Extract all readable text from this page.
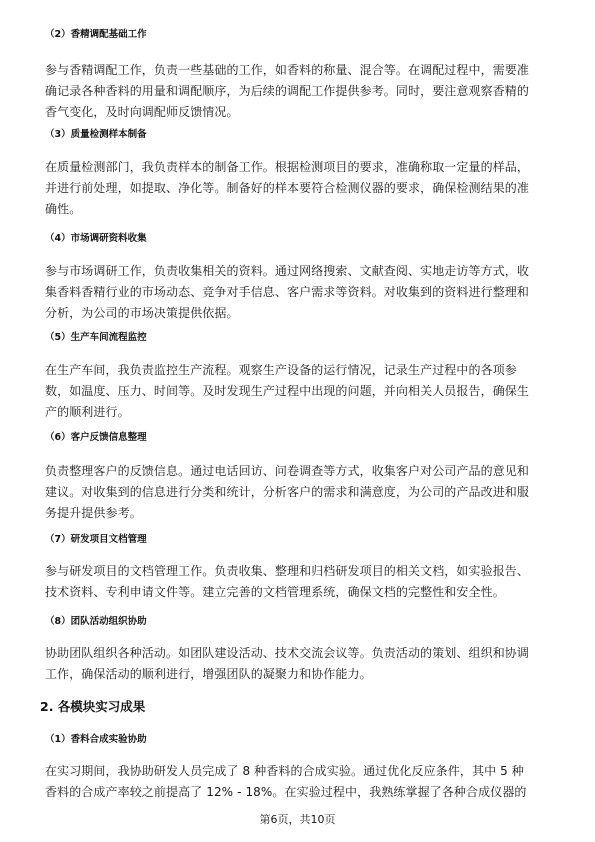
（2）香精调配基础工作
参与香精调配工作，负责一些基础的工作，如香料的称量、混合等。在调配过程中，需要准
确记录各种香料的用量和调配顺序，为后续的调配工作提供参考。同时，要注意观察香精的
香气变化，及时向调配师反馈情况。
（3）质量检测样本制备
在质量检测部门，我负责样本的制备工作。根据检测项目的要求，准确称取一定量的样品，
并进行前处理，如提取、净化等。制备好的样本要符合检测仪器的要求，确保检测结果的准
确性。
（4）市场调研资料收集
参与市场调研工作，负责收集相关的资料。通过网络搜索、文献查阅、实地走访等方式，收
集香料香精行业的市场动态、竞争对手信息、客户需求等资料。对收集到的资料进行整理和
分析，为公司的市场决策提供依据。
（5）生产车间流程监控
在生产车间，我负责监控生产流程。观察生产设备的运行情况，记录生产过程中的各项参
数，如温度、压力、时间等。及时发现生产过程中出现的问题，并向相关人员报告，确保生
产的顺利进行。
（6）客户反馈信息整理
负责整理客户的反馈信息。通过电话回访、问卷调查等方式，收集客户对公司产品的意见和
建议。对收集到的信息进行分类和统计，分析客户的需求和满意度，为公司的产品改进和服
务提升提供参考。
（7）研发项目文档管理
参与研发项目的文档管理工作。负责收集、整理和归档研发项目的相关文档，如实验报告、
技术资料、专利申请文件等。建立完善的文档管理系统，确保文档的完整性和安全性。
（8）团队活动组织协助
协助团队组织各种活动。如团队建设活动、技术交流会议等。负责活动的策划、组织和协调
工作，确保活动的顺利进行，增强团队的凝聚力和协作能力。
2. 各模块实习成果
（1）香料合成实验协助
在实习期间，我协助研发人员完成了 8 种香料的合成实验。通过优化反应条件，其中 5 种
香料的合成产率较之前提高了 12% - 18%。在实验过程中，我熟练掌握了各种合成仪器的
第6页，共10页
